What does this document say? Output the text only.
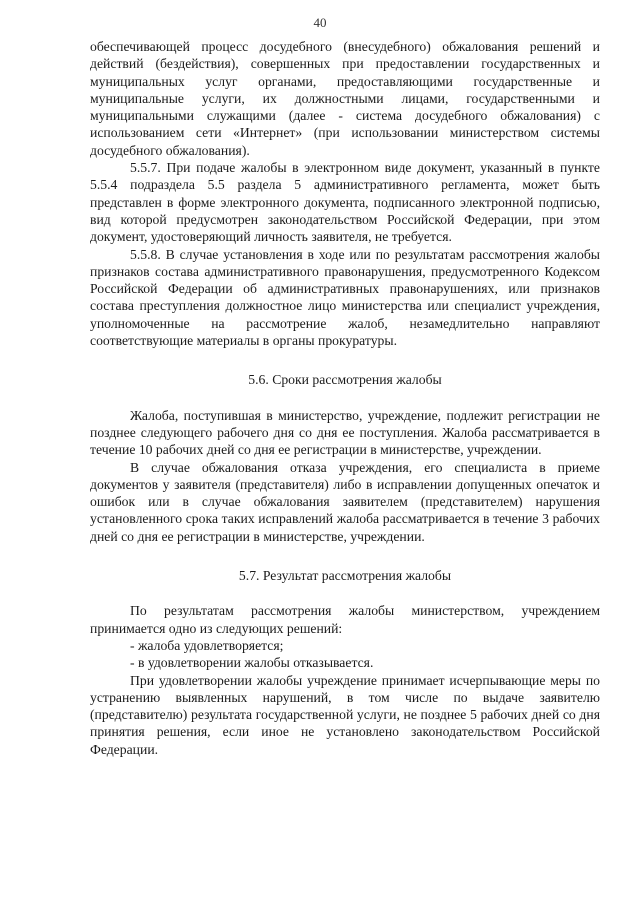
40

обеспечивающей процесс досудебного (внесудебного) обжалования решений и действий (бездействия), совершенных при предоставлении государственных и муниципальных услуг органами, предоставляющими государственные и муниципальные услуги, их должностными лицами, государственными и муниципальными служащими (далее - система досудебного обжалования) с использованием сети «Интернет» (при использовании министерством системы досудебного обжалования).

5.5.7. При подаче жалобы в электронном виде документ, указанный в пункте 5.5.4 подраздела 5.5 раздела 5 административного регламента, может быть представлен в форме электронного документа, подписанного электронной подписью, вид которой предусмотрен законодательством Российской Федерации, при этом документ, удостоверяющий личность заявителя, не требуется.

5.5.8. В случае установления в ходе или по результатам рассмотрения жалобы признаков состава административного правонарушения, предусмотренного Кодексом Российской Федерации об административных правонарушениях, или признаков состава преступления должностное лицо министерства или специалист учреждения, уполномоченные на рассмотрение жалоб, незамедлительно направляют соответствующие материалы в органы прокуратуры.

5.6. Сроки рассмотрения жалобы

Жалоба, поступившая в министерство, учреждение, подлежит регистрации не позднее следующего рабочего дня со дня ее поступления. Жалоба рассматривается в течение 10 рабочих дней со дня ее регистрации в министерстве, учреждении.

В случае обжалования отказа учреждения, его специалиста в приеме документов у заявителя (представителя) либо в исправлении допущенных опечаток и ошибок или в случае обжалования заявителем (представителем) нарушения установленного срока таких исправлений жалоба рассматривается в течение 3 рабочих дней со дня ее регистрации в министерстве, учреждении.

5.7. Результат рассмотрения жалобы

По результатам рассмотрения жалобы министерством, учреждением принимается одно из следующих решений:

- жалоба удовлетворяется;

- в удовлетворении жалобы отказывается.

При удовлетворении жалобы учреждение принимает исчерпывающие меры по устранению выявленных нарушений, в том числе по выдаче заявителю (представителю) результата государственной услуги, не позднее 5 рабочих дней со дня принятия решения, если иное не установлено законодательством Российской Федерации.
